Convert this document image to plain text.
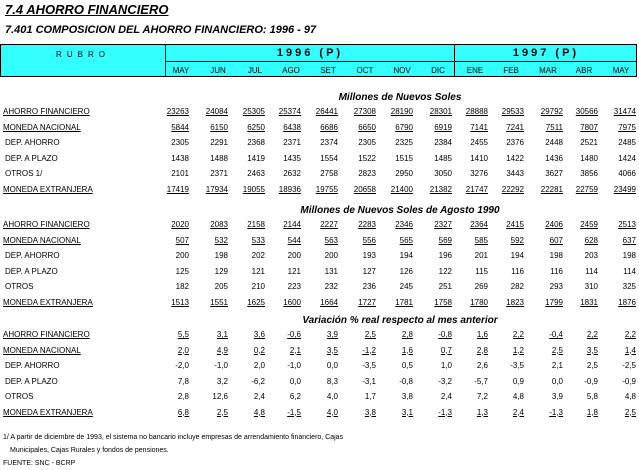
7.4 AHORRO FINANCIERO
7.401 COMPOSICION DEL AHORRO FINANCIERO: 1996 - 97
RUBRO	1996 (P)	1997 (P)
MAY	JUN	JUL	AGO	SET	OCT	NOV	DIC	ENE	FEB	MAR	ABR	MAY
Millones de Nuevos Soles
AHORRO FINANCIERO	23263	24084	25305	25374	26441	27308	28190	28301	28888	29533	29792	30566	31474
MONEDA NACIONAL	5844	6150	6250	6438	6686	6650	6790	6919	7141	7241	7511	7807	7975
DEP. AHORRO	2305	2291	2368	2371	2374	2305	2325	2384	2455	2376	2448	2521	2485
DEP. A PLAZO	1438	1488	1419	1435	1554	1522	1515	1485	1410	1422	1436	1480	1424
OTROS 1/	2101	2371	2463	2632	2758	2823	2950	3050	3276	3443	3627	3856	4066
MONEDA EXTRANJERA	17419	17934	19055	18936	19755	20658	21400	21382	21747	22292	22281	22759	23499
Millones de Nuevos Soles de Agosto 1990
AHORRO FINANCIERO	2020	2083	2158	2144	2227	2283	2346	2327	2364	2415	2406	2459	2513
MONEDA NACIONAL	507	532	533	544	563	556	565	569	585	592	607	628	637
DEP. AHORRO	200	198	202	200	200	193	194	196	201	194	198	203	198
DEP. A PLAZO	125	129	121	121	131	127	126	122	115	116	116	114	114
OTROS	182	205	210	223	232	236	245	251	269	282	293	310	325
MONEDA EXTRANJERA	1513	1551	1625	1600	1664	1727	1781	1758	1780	1823	1799	1831	1876
Variación % real respecto al mes anterior
AHORRO FINANCIERO	5,5	3,1	3,6	-0,6	3,9	2,5	2,8	-0,8	1,6	2,2	-0,4	2,2	2,2
MONEDA NACIONAL	2,0	4,9	0,2	2,1	3,5	-1,2	1,6	0,7	2,8	1,2	2,5	3,5	1,4
DEP. AHORRO	-2,0	-1,0	2,0	-1,0	0,0	-3,5	0,5	1,0	2,6	-3,5	2,1	2,5	-2,5
DEP. A PLAZO	7,8	3,2	-6,2	0,0	8,3	-3,1	-0,8	-3,2	-5,7	0,9	0,0	-0,9	-0,9
OTROS	2,8	12,6	2,4	6,2	4,0	1,7	3,8	2,4	7,2	4,8	3,9	5,8	4,8
MONEDA EXTRANJERA	6,8	2,5	4,8	-1,5	4,0	3,8	3,1	-1,3	1,3	2,4	-1,3	1,8	2,5
1/ A partir de diciembre de 1993, el sistema no bancario incluye empresas de arrendamiento financiero, Cajas
Municipales, Cajas Rurales y fondos de pensiones.
FUENTE: SNC - BCRP
